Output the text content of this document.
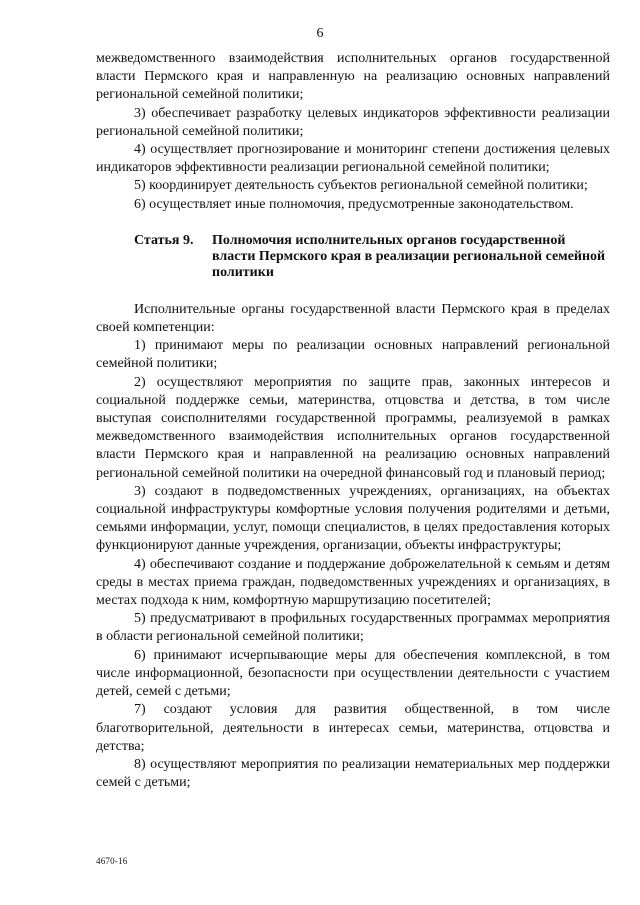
6

межведомственного взаимодействия исполнительных органов государственной власти Пермского края и направленную на реализацию основных направлений региональной семейной политики;

3) обеспечивает разработку целевых индикаторов эффективности реализации региональной семейной политики;

4) осуществляет прогнозирование и мониторинг степени достижения целевых индикаторов эффективности реализации региональной семейной политики;

5) координирует деятельность субъектов региональной семейной политики;

6) осуществляет иные полномочия, предусмотренные законодательством.

Статья 9.	Полномочия исполнительных органов государственной власти Пермского края в реализации региональной семейной политики

Исполнительные органы государственной власти Пермского края в пределах своей компетенции:

1) принимают меры по реализации основных направлений региональной семейной политики;

2) осуществляют мероприятия по защите прав, законных интересов и социальной поддержке семьи, материнства, отцовства и детства, в том числе выступая соисполнителями государственной программы, реализуемой в рамках межведомственного взаимодействия исполнительных органов государственной власти Пермского края и направленной на реализацию основных направлений региональной семейной политики на очередной финансовый год и плановый период;

3) создают в подведомственных учреждениях, организациях, на объектах социальной инфраструктуры комфортные условия получения родителями и детьми, семьями информации, услуг, помощи специалистов, в целях предоставления которых функционируют данные учреждения, организации, объекты инфраструктуры;

4) обеспечивают создание и поддержание доброжелательной к семьям и детям среды в местах приема граждан, подведомственных учреждениях и организациях, в местах подхода к ним, комфортную маршрутизацию посетителей;

5) предусматривают в профильных государственных программах мероприятия в области региональной семейной политики;

6) принимают исчерпывающие меры для обеспечения комплексной, в том числе информационной, безопасности при осуществлении деятельности с участием детей, семей с детьми;

7) создают условия для развития общественной, в том числе благотворительной, деятельности в интересах семьи, материнства, отцовства и детства;

8) осуществляют мероприятия по реализации нематериальных мер поддержки семей с детьми;

4670-16
